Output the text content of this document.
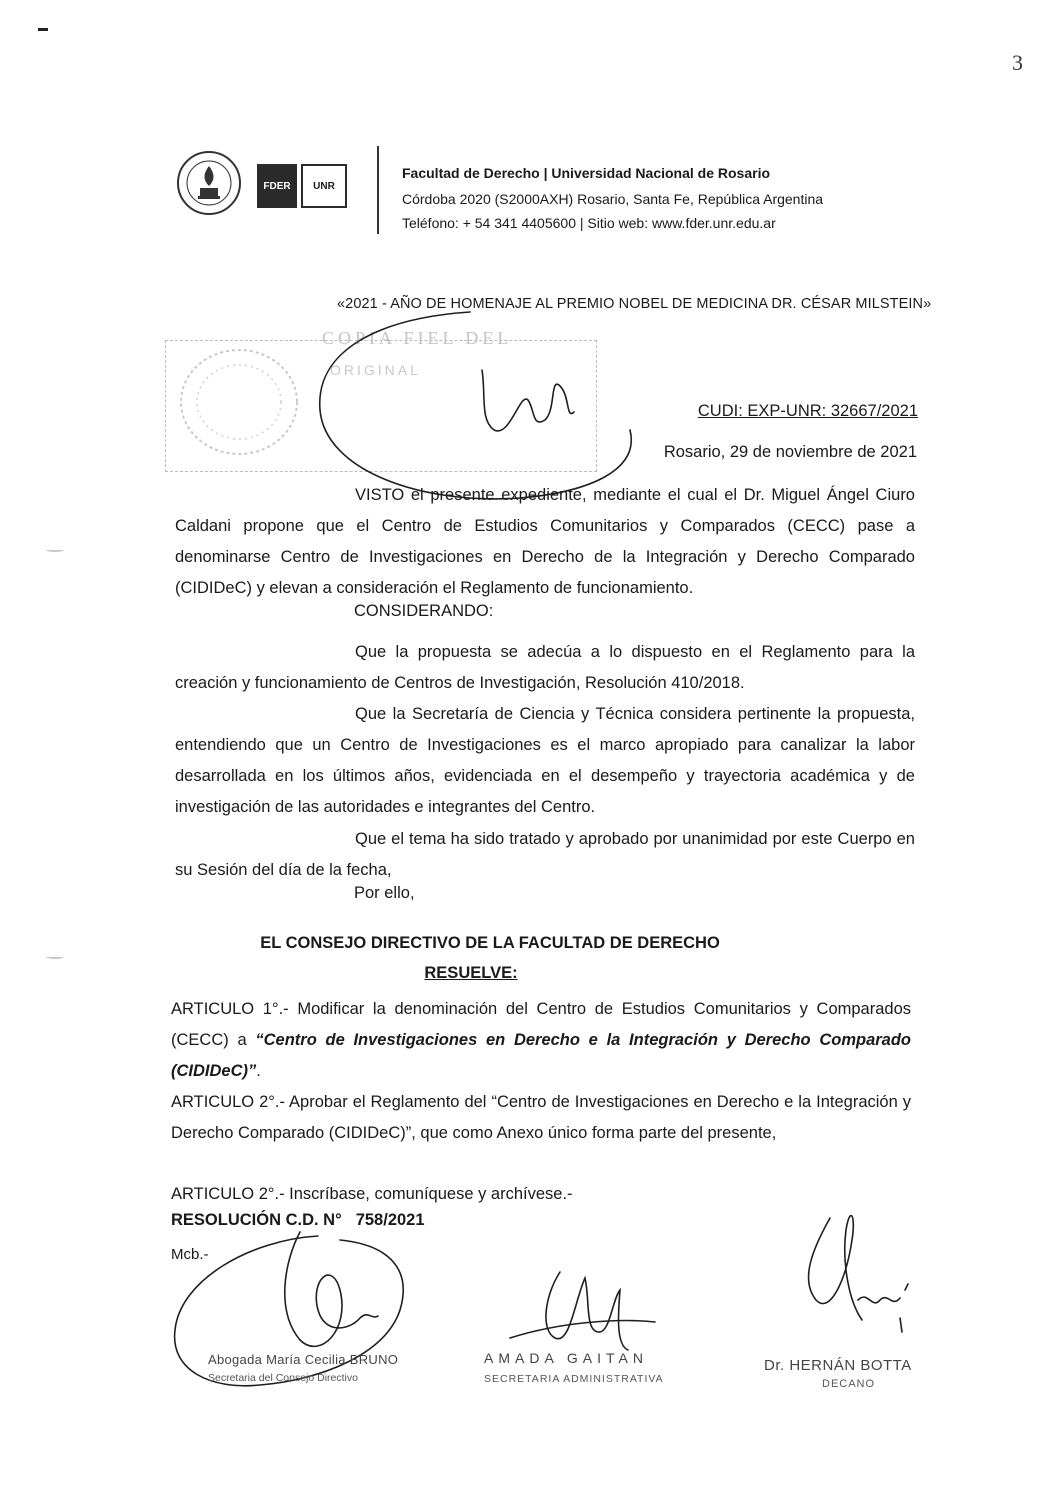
3
FDER	UNR
Facultad de Derecho | Universidad Nacional de Rosario
Córdoba 2020 (S2000AXH) Rosario, Santa Fe, República Argentina
Teléfono: + 54 341 4405600 | Sitio web: www.fder.unr.edu.ar
«2021 - AÑO DE HOMENAJE AL PREMIO NOBEL DE MEDICINA DR. CÉSAR MILSTEIN»
COPIA FIEL DEL
ORIGINAL
CUDI: EXP-UNR: 32667/2021
Rosario, 29 de noviembre de 2021
VISTO el presente expediente, mediante el cual el Dr. Miguel Ángel Ciuro Caldani propone que el Centro de Estudios Comunitarios y Comparados (CECC) pase a denominarse Centro de Investigaciones en Derecho de la Integración y Derecho Comparado (CIDIDeC) y elevan a consideración el Reglamento de funcionamiento.
CONSIDERANDO:
Que la propuesta se adecúa a lo dispuesto en el Reglamento para la creación y funcionamiento de Centros de Investigación, Resolución 410/2018.
Que la Secretaría de Ciencia y Técnica considera pertinente la propuesta, entendiendo que un Centro de Investigaciones es el marco apropiado para canalizar la labor desarrollada en los últimos años, evidenciada en el desempeño y trayectoria académica y de investigación de las autoridades e integrantes del Centro.
Que el tema ha sido tratado y aprobado por unanimidad por este Cuerpo en su Sesión del día de la fecha,
Por ello,
EL CONSEJO DIRECTIVO DE LA FACULTAD DE DERECHO
RESUELVE:
ARTICULO 1°.- Modificar la denominación del Centro de Estudios Comunitarios y Comparados (CECC) a “Centro de Investigaciones en Derecho e la Integración y Derecho Comparado (CIDIDeC)”.
ARTICULO 2°.- Aprobar el Reglamento del “Centro de Investigaciones en Derecho e la Integración y Derecho Comparado (CIDIDeC)”, que como Anexo único forma parte del presente,
ARTICULO 2°.- Inscríbase, comuníquese y archívese.-
RESOLUCIÓN C.D. N° 758/2021
Mcb.-
Abogada María Cecilia BRUNO
Secretaria del Consejo Directivo
AMADA GAITAN
SECRETARIA ADMINISTRATIVA
Dr. HERNÁN BOTTA
DECANO
